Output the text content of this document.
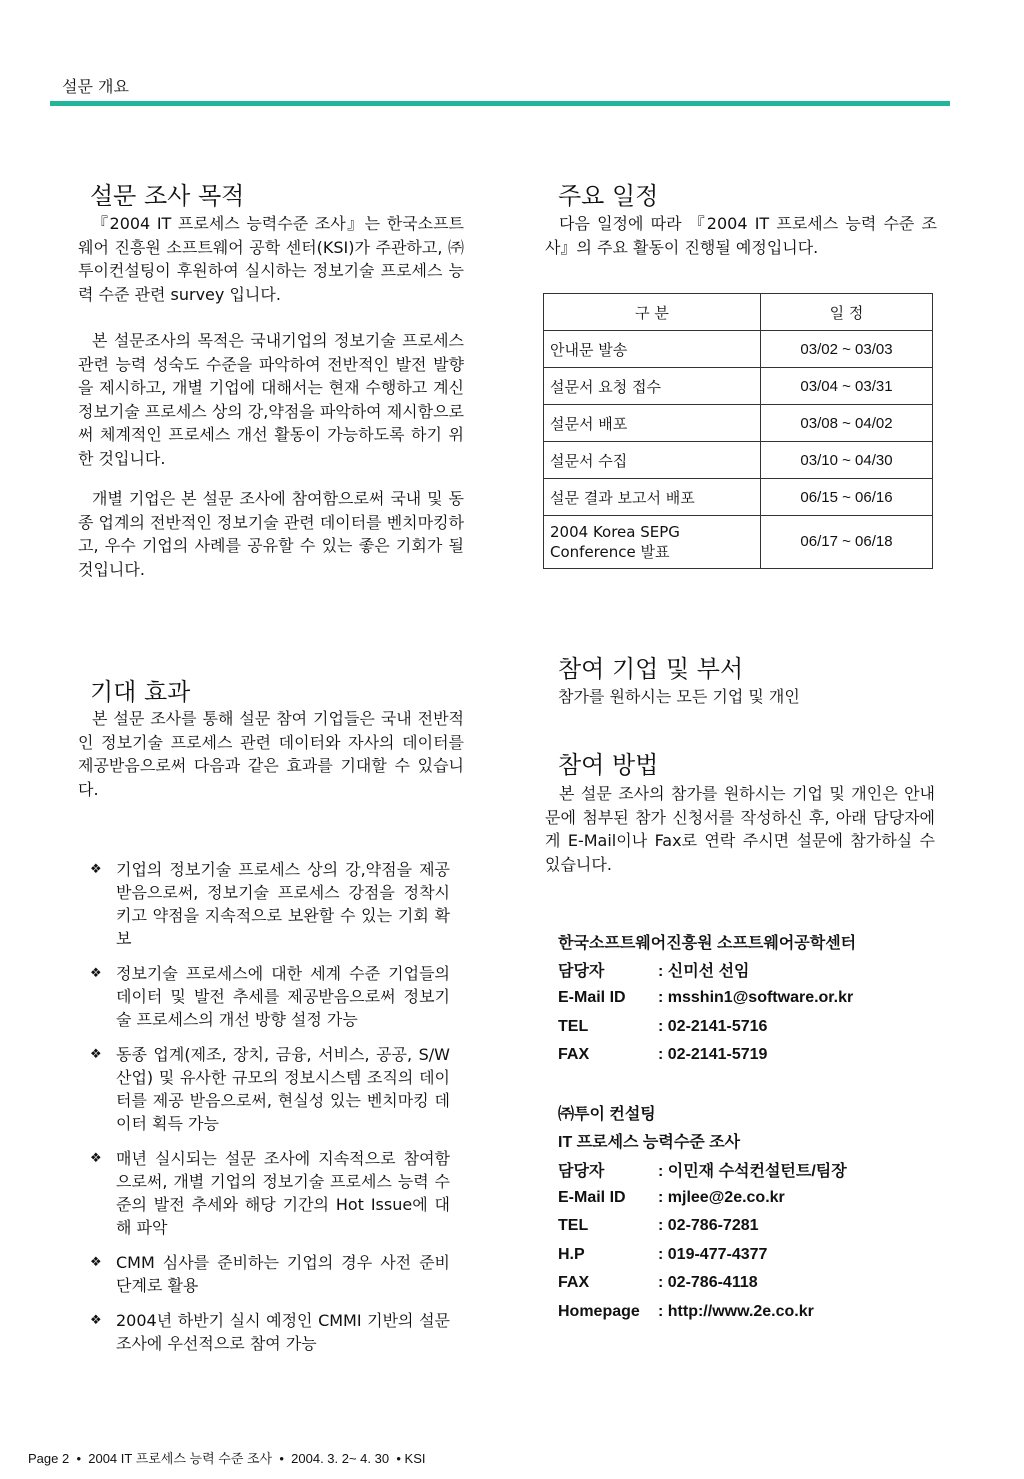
설문 개요
설문 조사 목적

『2004 IT 프로세스 능력수준 조사』는 한국소프트웨어 진흥원 소프트웨어 공학 센터(KSI)가 주관하고, ㈜투이컨설팅이 후원하여 실시하는 정보기술 프로세스 능력 수준 관련 survey 입니다.

본 설문조사의 목적은 국내기업의 정보기술 프로세스 관련 능력 성숙도 수준을 파악하여 전반적인 발전 발향을 제시하고, 개별 기업에 대해서는 현재 수행하고 계신 정보기술 프로세스 상의 강,약점을 파악하여 제시함으로써 체계적인 프로세스 개선 활동이 가능하도록 하기 위한 것입니다.

개별 기업은 본 설문 조사에 참여함으로써 국내 및 동종 업계의 전반적인 정보기술 관련 데이터를 벤치마킹하고, 우수 기업의 사례를 공유할 수 있는 좋은 기회가 될 것입니다.

주요 일정

다음 일정에 따라 『2004 IT 프로세스 능력 수준 조사』의 주요 활동이 진행될 예정입니다.

구 분	일 정
안내문 발송	03/02 ~ 03/03
설문서 요청 접수	03/04 ~ 03/31
설문서 배포	03/08 ~ 04/02
설문서 수집	03/10 ~ 04/30
설문 결과 보고서 배포	06/15 ~ 06/16
2004 Korea SEPG Conference 발표	06/17 ~ 06/18
기대 효과

본 설문 조사를 통해 설문 참여 기업들은 국내 전반적인 정보기술 프로세스 관련 데이터와 자사의 데이터를 제공받음으로써 다음과 같은 효과를 기대할 수 있습니다.

❖ 기업의 정보기술 프로세스 상의 강,약점을 제공받음으로써, 정보기술 프로세스 강점을 정착시키고 약점을 지속적으로 보완할 수 있는 기회 확보
❖ 정보기술 프로세스에 대한 세계 수준 기업들의 데이터 및 발전 추세를 제공받음으로써 정보기술 프로세스의 개선 방향 설정 가능
❖ 동종 업계(제조, 장치, 금융, 서비스, 공공, S/W산업) 및 유사한 규모의 정보시스템 조직의 데이터를 제공 받음으로써, 현실성 있는 벤치마킹 데이터 획득 가능
❖ 매년 실시되는 설문 조사에 지속적으로 참여함으로써, 개별 기업의 정보기술 프로세스 능력 수준의 발전 추세와 해당 기간의 Hot Issue에 대해 파악
❖ CMM 심사를 준비하는 기업의 경우 사전 준비 단계로 활용
❖ 2004년 하반기 실시 예정인 CMMI 기반의 설문 조사에 우선적으로 참여 가능
참여 기업 및 부서

참가를 원하시는 모든 기업 및 개인

참여 방법

본 설문 조사의 참가를 원하시는 기업 및 개인은 안내문에 첨부된 참가 신청서를 작성하신 후, 아래 담당자에게 E-Mail이나 Fax로 연락 주시면 설문에 참가하실 수 있습니다.

한국소프트웨어진흥원 소프트웨어공학센터
담당자	: 신미선 선임
E-Mail ID	: msshin1@software.or.kr
TEL	: 02-2141-5716
FAX	: 02-2141-5719
㈜투이 컨설팅
IT 프로세스 능력수준 조사
담당자	: 이민재 수석컨설턴트/팀장
E-Mail ID	: mjlee@2e.co.kr
TEL	: 02-786-7281
H.P	: 019-477-4377
FAX	: 02-786-4118
Homepage	: http://www.2e.co.kr
Page 2 • 2004 IT 프로세스 능력 수준 조사 • 2004. 3. 2~ 4. 30 • KSI
